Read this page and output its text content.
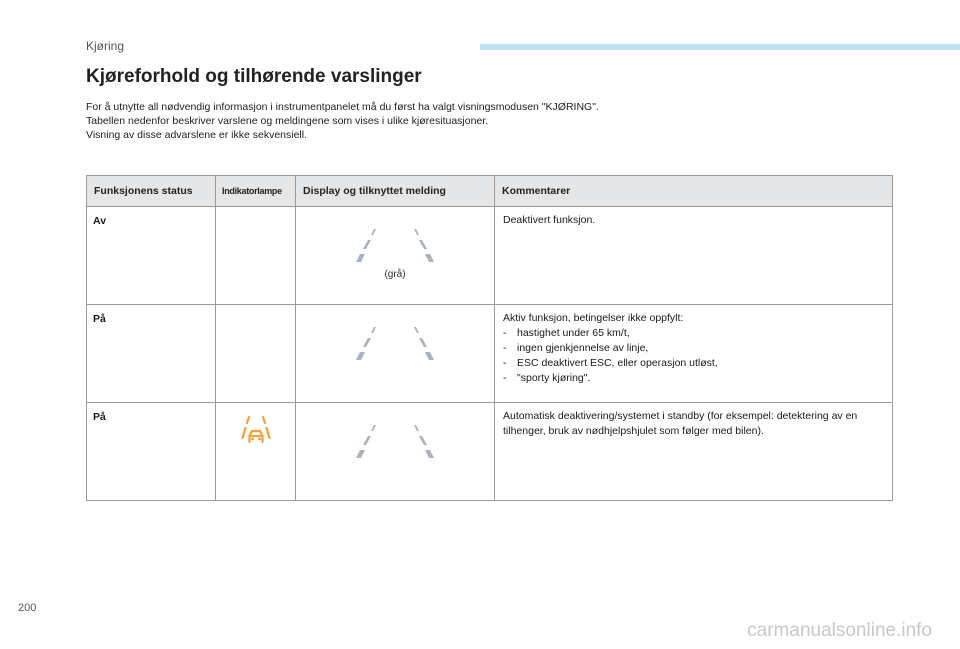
Kjøring
Kjøreforhold og tilhørende varslinger
For å utnytte all nødvendig informasjon i instrumentpanelet må du først ha valgt visningsmodusen "KJØRING".
Tabellen nedenfor beskriver varslene og meldingene som vises i ulike kjøresituasjoner.
Visning av disse advarslene er ikke sekvensiell.
Funksjonens status	Indikatorlampe	Display og tilknyttet melding	Kommentarer

Av		(grå)	Deaktivert funksjon.

På			Aktiv funksjon, betingelser ikke oppfylt:
- hastighet under 65 km/t,
- ingen gjenkjennelse av linje,
- ESC deaktivert ESC, eller operasjon utløst,
- "sporty kjøring".

På			Automatisk deaktivering/systemet i standby (for eksempel: detektering av en tilhenger, bruk av nødhjelpshjulet som følger med bilen).
200
carmanualsonline.info
